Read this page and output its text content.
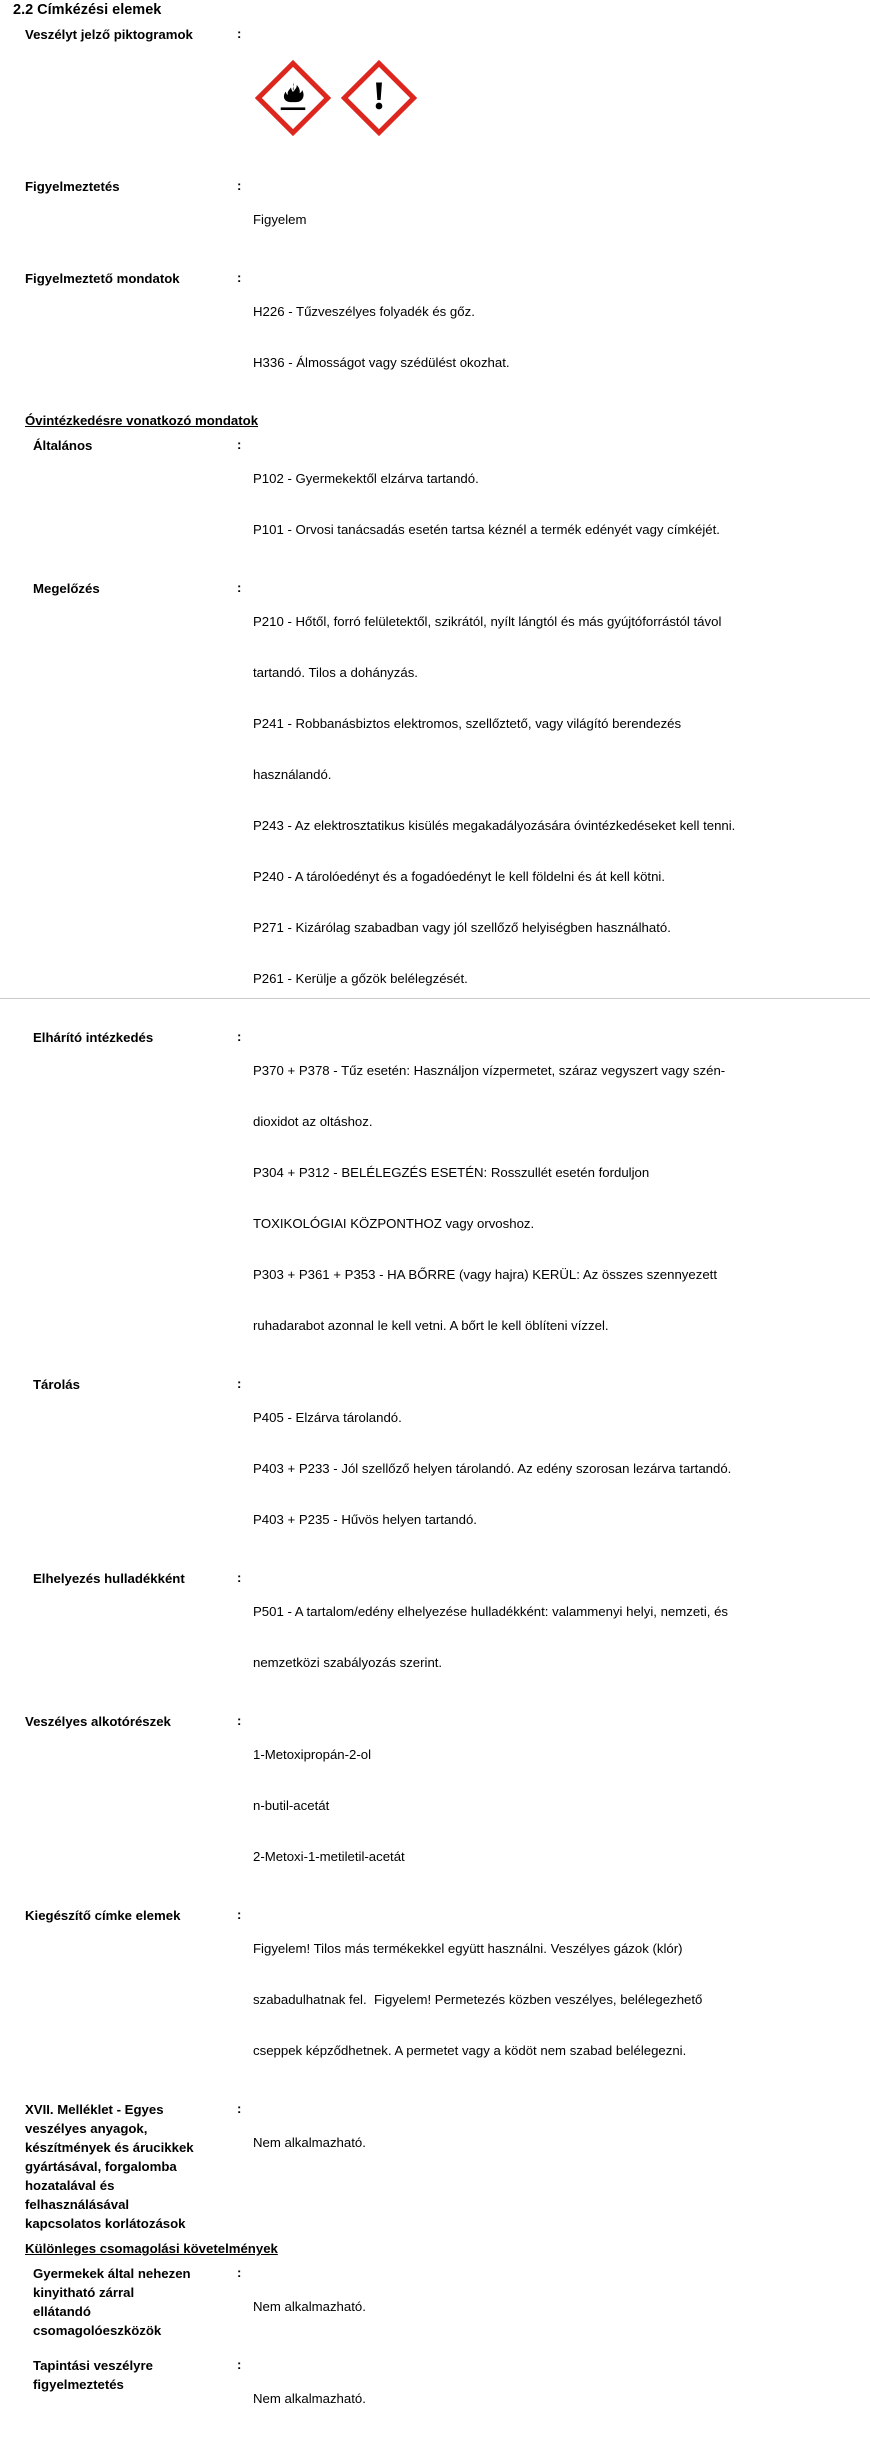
2.2 Címkézési elemek
Veszélyt jelző piktogramok	:

Figyelmeztetés	:

Figyelem

Figyelmeztető mondatok	:

H226 - Tűzveszélyes folyadék és gőz.

H336 - Álmosságot vagy szédülést okozhat.

Óvintézkedésre vonatkozó mondatok
Általános	:

P102 - Gyermekektől elzárva tartandó.

P101 - Orvosi tanácsadás esetén tartsa kéznél a termék edényét vagy címkéjét.

Megelőzés	:

P210 - Hőtől, forró felületektől, szikrától, nyílt lángtól és más gyújtóforrástól távol

tartandó. Tilos a dohányzás.

P241 - Robbanásbiztos elektromos, szellőztető, vagy világító berendezés

használandó.

P243 - Az elektrosztatikus kisülés megakadályozására óvintézkedéseket kell tenni.

P240 - A tárolóedényt és a fogadóedényt le kell földelni és át kell kötni.

P271 - Kizárólag szabadban vagy jól szellőző helyiségben használható.

P261 - Kerülje a gőzök belélegzését.

Elhárító intézkedés	:

P370 + P378 - Tűz esetén: Használjon vízpermetet, száraz vegyszert vagy szén-

dioxidot az oltáshoz.

P304 + P312 - BELÉLEGZÉS ESETÉN: Rosszullét esetén forduljon

TOXIKOLÓGIAI KÖZPONTHOZ vagy orvoshoz.

P303 + P361 + P353 - HA BŐRRE (vagy hajra) KERÜL: Az összes szennyezett

ruhadarabot azonnal le kell vetni. A bőrt le kell öblíteni vízzel.

Tárolás	:

P405 - Elzárva tárolandó.

P403 + P233 - Jól szellőző helyen tárolandó. Az edény szorosan lezárva tartandó.

P403 + P235 - Hűvös helyen tartandó.

Elhelyezés hulladékként	:

P501 - A tartalom/edény elhelyezése hulladékként: valammenyi helyi, nemzeti, és

nemzetközi szabályozás szerint.

Veszélyes alkotórészek	:

1-Metoxipropán-2-ol

n-butil-acetát

2-Metoxi-1-metiletil-acetát

Kiegészítő címke elemek	:

Figyelem! Tilos más termékekkel együtt használni. Veszélyes gázok (klór)

szabadulhatnak fel.  Figyelem! Permetezés közben veszélyes, belélegezhető

cseppek képződhetnek. A permetet vagy a ködöt nem szabad belélegezni.

XVII. Melléklet - Egyes
veszélyes anyagok,
készítmények és árucikkek
gyártásával, forgalomba
hozatalával és
felhasználásával
kapcsolatos korlátozások
:

Nem alkalmazható.

Különleges csomagolási követelmények
Gyermekek által nehezen
kinyitható zárral
ellátandó
csomagolóeszközök
:

Nem alkalmazható.

Tapintási veszélyre
figyelmeztetés
:

Nem alkalmazható.
